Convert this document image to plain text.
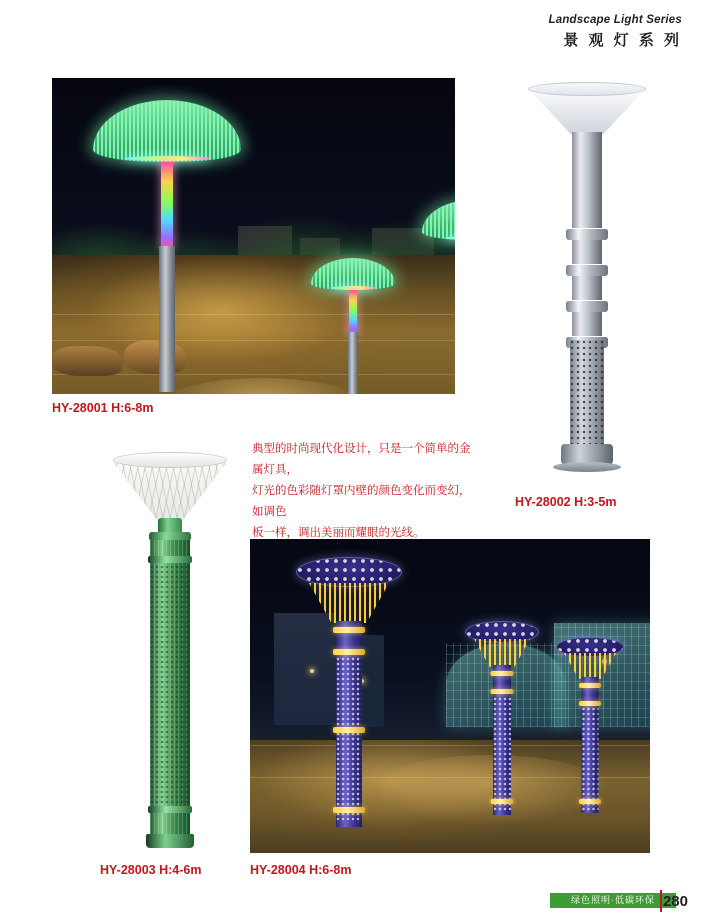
Landscape Light Series
景 观 灯 系 列
HY-28001 H:6-8m
HY-28002 H:3-5m
典型的时尚现代化设计，只是一个简单的金属灯具，
灯光的色彩随灯罩内壁的颜色变化而变幻，如调色
板一样，调出美丽而耀眼的光线。
HY-28003 H:4-6m	HY-28004 H:6-8m
绿色照明·低碳环保 280
